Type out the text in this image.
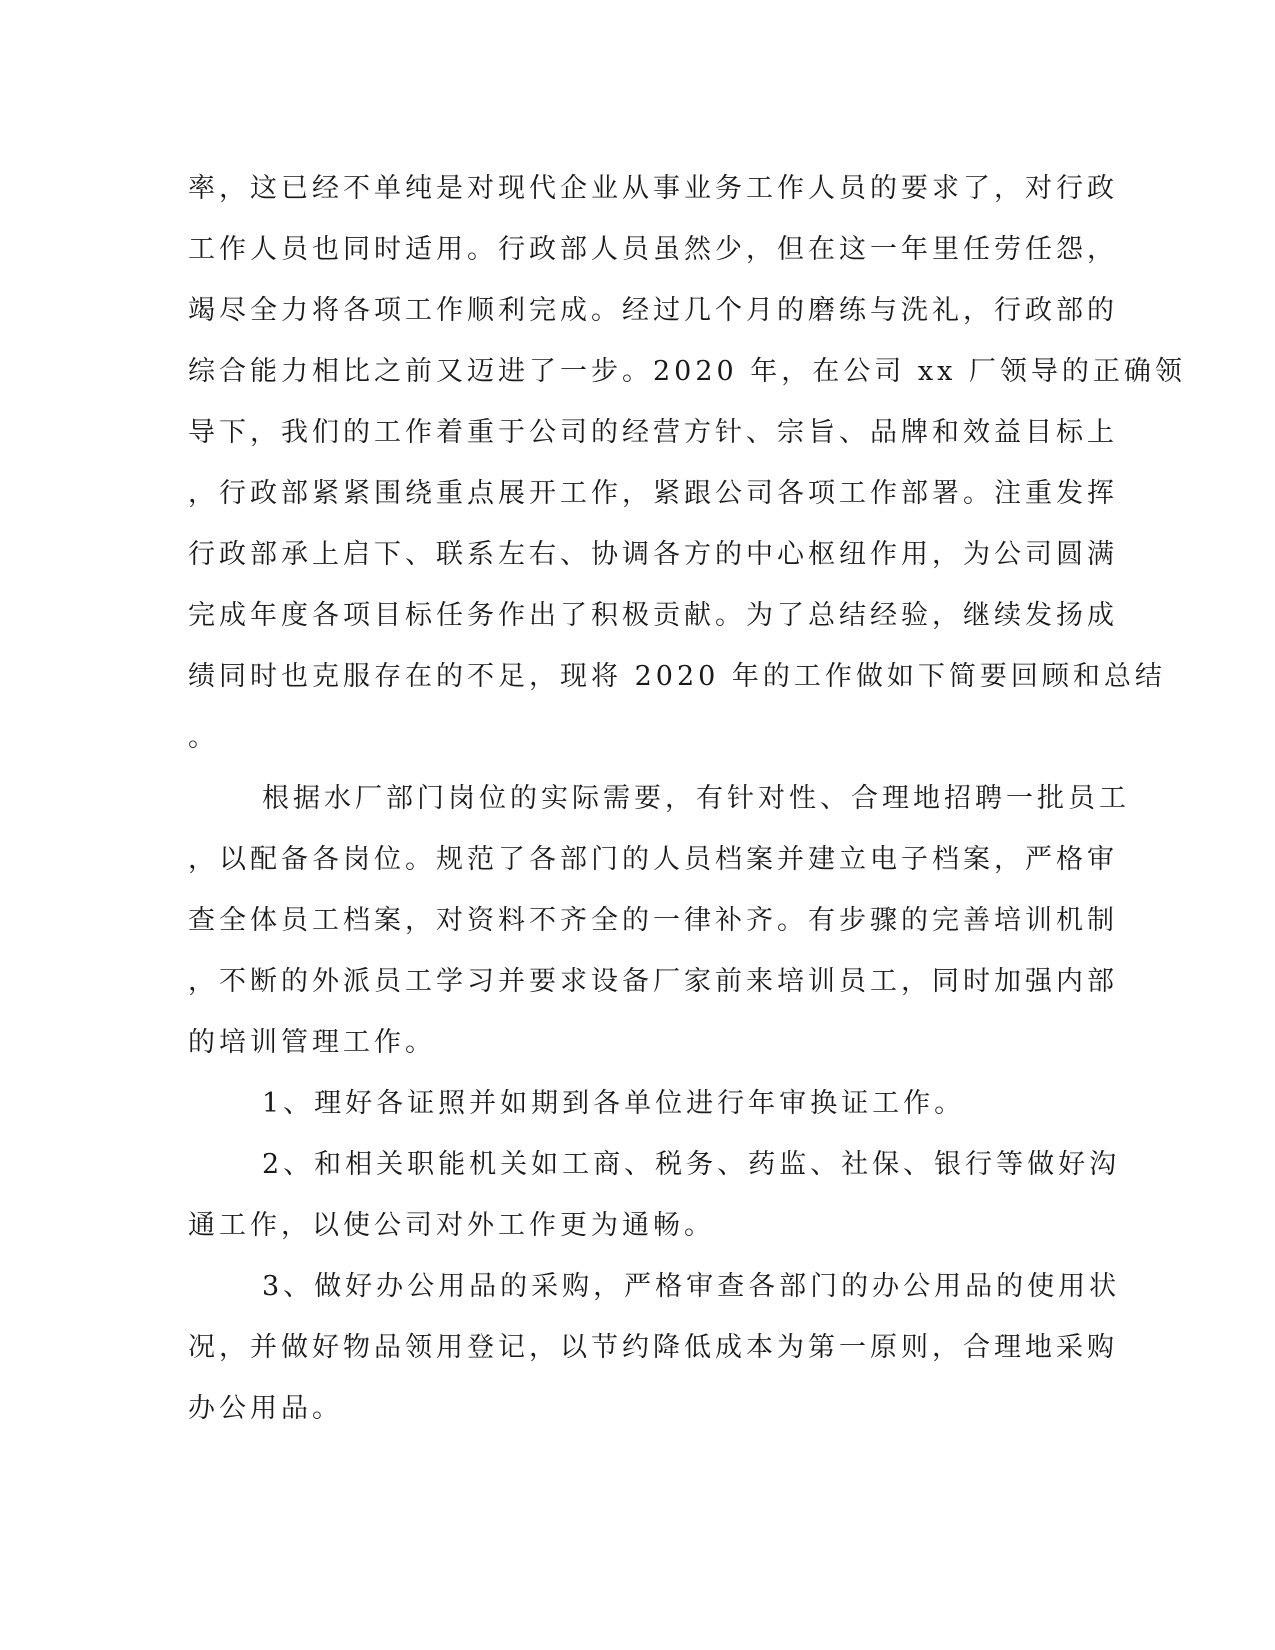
率，这已经不单纯是对现代企业从事业务工作人员的要求了，对行政
工作人员也同时适用。行政部人员虽然少，但在这一年里任劳任怨，
竭尽全力将各项工作顺利完成。经过几个月的磨练与洗礼，行政部的
综合能力相比之前又迈进了一步。2020 年，在公司 xx 厂领导的正确领
导下，我们的工作着重于公司的经营方针、宗旨、品牌和效益目标上
，行政部紧紧围绕重点展开工作，紧跟公司各项工作部署。注重发挥
行政部承上启下、联系左右、协调各方的中心枢纽作用，为公司圆满
完成年度各项目标任务作出了积极贡献。为了总结经验，继续发扬成
绩同时也克服存在的不足，现将 2020 年的工作做如下简要回顾和总结
。
根据水厂部门岗位的实际需要，有针对性、合理地招聘一批员工
，以配备各岗位。规范了各部门的人员档案并建立电子档案，严格审
查全体员工档案，对资料不齐全的一律补齐。有步骤的完善培训机制
，不断的外派员工学习并要求设备厂家前来培训员工，同时加强内部
的培训管理工作。
1、理好各证照并如期到各单位进行年审换证工作。
2、和相关职能机关如工商、税务、药监、社保、银行等做好沟
通工作，以使公司对外工作更为通畅。
3、做好办公用品的采购，严格审查各部门的办公用品的使用状
况，并做好物品领用登记，以节约降低成本为第一原则，合理地采购
办公用品。
